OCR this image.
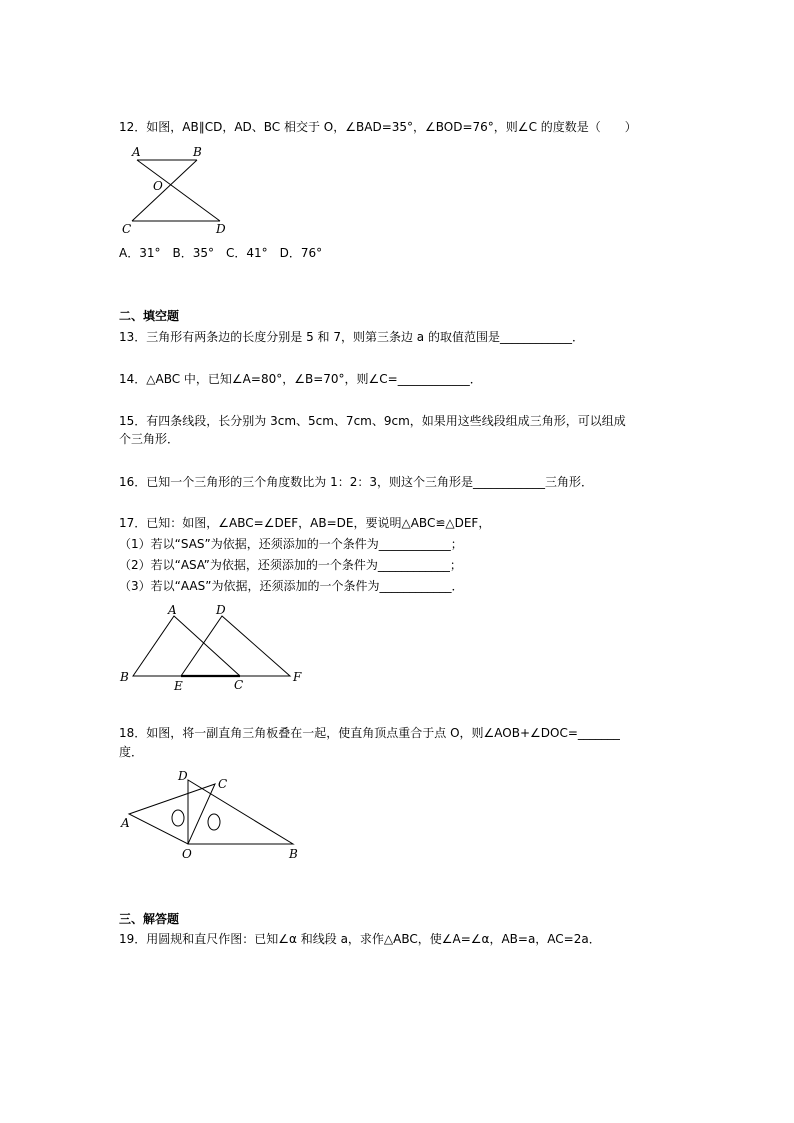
12．如图，AB∥CD，AD、BC 相交于 O，∠BAD=35°，∠BOD=76°，则∠C 的度数是（　　）
A	B
O
C	D
A．31°　B．35°　C．41°　D．76°
二、填空题
13．三角形有两条边的长度分别是 5 和 7，则第三条边 a 的取值范围是____________．
14．△ABC 中，已知∠A=80°，∠B=70°，则∠C=____________．
15．有四条线段，长分别为 3cm、5cm、7cm、9cm，如果用这些线段组成三角形，可以组成
个三角形．
16．已知一个三角形的三个角度数比为 1：2：3，则这个三角形是____________三角形．
17．已知：如图，∠ABC=∠DEF，AB=DE，要说明△ABC≌△DEF，
（1）若以“SAS”为依据，还须添加的一个条件为____________；
（2）若以“ASA”为依据，还须添加的一个条件为____________；
（3）若以“AAS”为依据，还须添加的一个条件为____________．
A	D
B
E	C
F
18．如图，将一副直角三角板叠在一起，使直角顶点重合于点 O，则∠AOB+∠DOC=_______
度．
D
C
A
O	B
三、解答题
19．用圆规和直尺作图：已知∠α 和线段 a，求作△ABC，使∠A=∠α，AB=a，AC=2a．
